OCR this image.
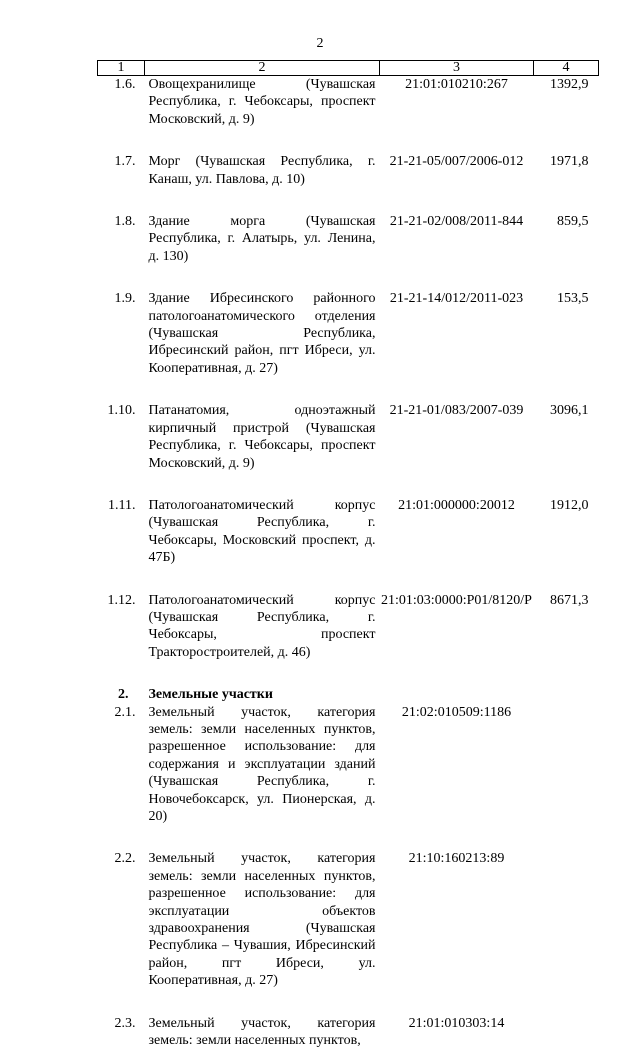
2
1	2	3	4
1.6.	Овощехранилище (Чувашская Республика, г. Чебоксары, проспект Московский, д. 9)	21:01:010210:267	1392,9

1.7.	Морг (Чувашская Республика, г. Канаш, ул. Павлова, д. 10)	21-21-05/007/2006-012	1971,8

1.8.	Здание морга (Чувашская Республика, г. Алатырь, ул. Ленина, д. 130)	21-21-02/008/2011-844	859,5

1.9.	Здание Ибресинского районного патологоанатомического отделения (Чувашская Республика, Ибресинский район, пгт Ибреси, ул. Кооперативная, д. 27)	21-21-14/012/2011-023	153,5

1.10.	Патанатомия, одноэтажный кирпичный пристрой (Чувашская Республика, г. Чебоксары, проспект Московский, д. 9)	21-21-01/083/2007-039	3096,1

1.11.	Патологоанатомический корпус (Чувашская Республика, г. Чебоксары, Московский проспект, д. 47Б)	21:01:000000:20012	1912,0

1.12.	Патологоанатомический корпус (Чувашская Республика, г. Чебоксары, проспект Тракторостроителей, д. 46)	21:01:03:0000:Р01/8120/Р	8671,3

2.	Земельные участки		
2.1.	Земельный участок, категория земель: земли населенных пунктов, разрешенное использование: для содержания и эксплуатации зданий (Чувашская Республика, г. Новочебоксарск, ул. Пионерская, д. 20)	21:02:010509:1186	

2.2.	Земельный участок, категория земель: земли населенных пунктов, разрешенное использование: для эксплуатации объектов здравоохранения (Чувашская Республика – Чувашия, Ибресинский район, пгт Ибреси, ул. Кооперативная, д. 27)	21:10:160213:89	

2.3.	Земельный участок, категория земель: земли населенных пунктов,	21:01:010303:14	
